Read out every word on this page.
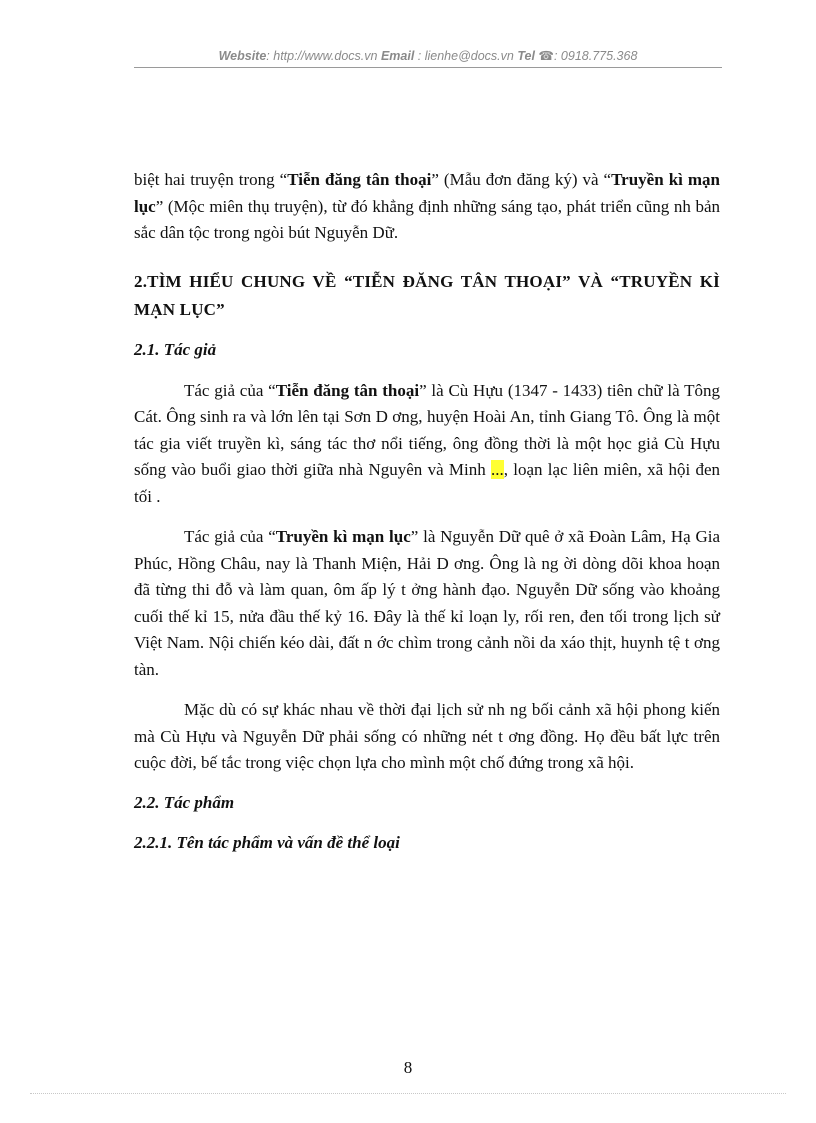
Website: http://www.docs.vn Email : lienhe@docs.vn Tel ☎: 0918.775.368

biệt hai truyện trong “Tiễn đăng tân thoại” (Mẫu đơn đăng ký) và “Truyền kì mạn lục” (Mộc miên thụ truyện), từ đó khẳng định những sáng tạo, phát triển cũng nh bản sắc dân tộc trong ngòi bút Nguyễn Dữ.

2.TÌM HIỂU CHUNG VỀ “TIỄN ĐĂNG TÂN THOẠI” VÀ “TRUYỀN KÌ MẠN LỤC”
2.1. Tác giả

Tác giả của “Tiễn đăng tân thoại” là Cù Hựu (1347 - 1433) tiên chữ là Tông Cát. Ông sinh ra và lớn lên tại Sơn D ơng, huyện Hoài An, tỉnh Giang Tô. Ông là một tác gia viết truyền kì, sáng tác thơ nổi tiếng, ông đồng thời là một học giả Cù Hựu sống vào buổi giao thời giữa nhà Nguyên và Minh ..., loạn lạc liên miên, xã hội đen tối .

Tác giả của “Truyền kì mạn lục” là Nguyễn Dữ quê ở xã Đoàn Lâm, Hạ Gia Phúc, Hồng Châu, nay là Thanh Miện, Hải D ơng. Ông là ng ời dòng dõi khoa hoạn đã từng thi đỗ và làm quan, ôm ấp lý t ởng hành đạo. Nguyễn Dữ sống vào khoảng cuối thế kỉ 15, nửa đầu thế kỷ 16. Đây là thế kỉ loạn ly, rối ren, đen tối trong lịch sử Việt Nam. Nội chiến kéo dài, đất n ớc chìm trong cảnh nồi da xáo thịt, huynh tệ t ơng tàn.

Mặc dù có sự khác nhau về thời đại lịch sử nh ng bối cảnh xã hội phong kiến mà Cù Hựu và Nguyễn Dữ phải sống có những nét t ơng đồng. Họ đều bất lực trên cuộc đời, bế tắc trong việc chọn lựa cho mình một chố đứng trong xã hội.

2.2. Tác phẩm
2.2.1. Tên tác phẩm và vấn đề thể loại
8
